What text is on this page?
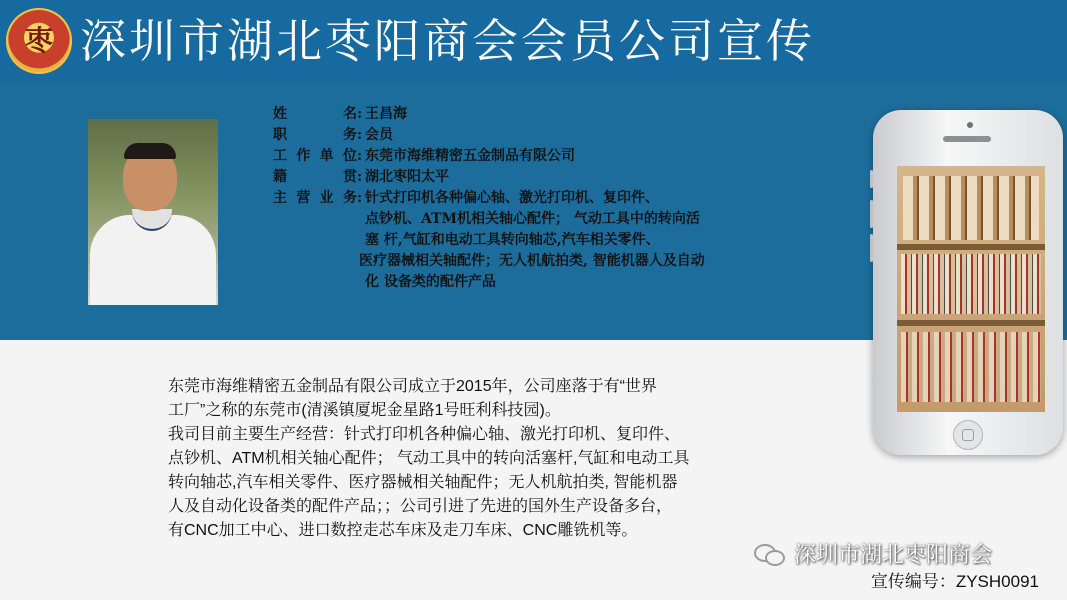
枣 深圳市湖北枣阳商会会员公司宣传
姓 名 : 王昌海
职 务 : 会员
工作单位 : 东莞市海维精密五金制品有限公司
籍 贯 : 湖北枣阳太平
主营业务 : 针式打印机各种偏心轴、激光打印机、复印件、
点钞机、ATM机相关轴心配件； 气动工具中的转向活
塞 杆,气缸和电动工具转向轴芯,汽车相关零件、
医疗器械相关轴配件；无人机航拍类, 智能机器人及自动
化 设备类的配件产品

东莞市海维精密五金制品有限公司成立于2015年，公司座落于有“世界

工厂”之称的东莞市(清溪镇厦坭金星路1号旺利科技园)。

我司目前主要生产经营：针式打印机各种偏心轴、激光打印机、复印件、

点钞机、ATM机相关轴心配件； 气动工具中的转向活塞杆,气缸和电动工具

转向轴芯,汽车相关零件、医疗器械相关轴配件；无人机航拍类, 智能机器

人及自动化设备类的配件产品；；公司引进了先进的国外生产设备多台，

有CNC加工中心、进口数控走芯车床及走刀车床、CNC雕铣机等。

深圳市湖北枣阳商会
宣传编号：ZYSH0091
